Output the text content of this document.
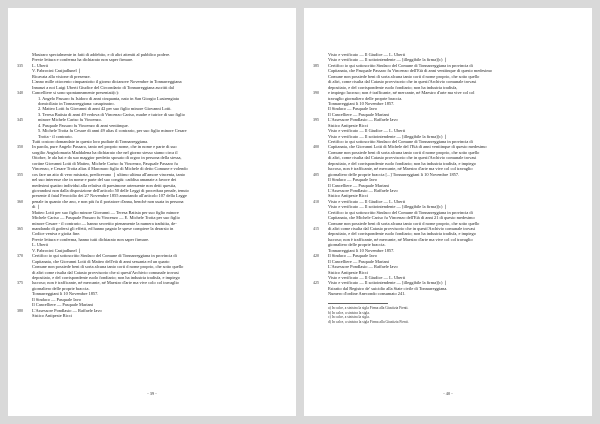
Mastraro specialmente in fatti di addebito, e di altri atteniti al pubblico podere.
Previe lettura e conferma ha dichiarato non saper firmare.
335	L. Uberti
V. Fabrocini Castjadlunel ❘
Ricavata alla visione di presenze.
L'anno mille ottocento cinquantotto il giorno dicianove Novembre in Tonnarreggiana
Innanzi a noi Luigi Uberti Giudice del Circondario di Tonnarreggiana ascritti dal
340	Cancelliere si sono spontaneamente presentati(c):
1. Angelo Passaro fu Isidoro di anni cinquanta, nato in San Giorgio Lustrengiata
domiciliato in Tonnarreggiana: casupinatro.
2. Matteo Lotti fu Giovanni di anni 42 per suo figlio minore Giovanni Lotti.
3. Teresa Batista di anni 49 vedova di Vincenzo Cariso, madre e tutrice di suo figlio
345	minore Michele Cariso fu Vincenzo.
4. Pasquale Passaro fu Vincenzo di anni ventiinque.
5. Michele Trotta fu Cesare di anni 49 alias il contrario, per suo figlio minore Cesare
Trotta - il contrario.
Tutti costoro domandate in questo loro pudiate di Tonnarreggiana.
350	In parola, pure Angelo Passaro, tanto nel proprio nome, che in nome e parte di suo
sorgilio Angiolomaria Maddalena ha dichiarato che nel giorno stesso siamo circa il
Ottobre, le ala hai e da suo maggior predetto sposato di orgoo in persona della stessa,
cortine Giovanni Lotti di Matteo, Michele Cariso fu Vincenzo, Pasquale Passaro fu
Vincenzo, e Cesare Trotta alias il Maronaro figlio di Michele di detto Comune e volendo
355	cos fare un atto di vero mistrata, predicevano ❘ ultimo ultima all'amore vincenta, tanto
nel suo interesse che in nome e parte del suo congiù: caddisa amanate a favore dei
medesimi quattro individui alla relativa di paesimone artenuente non detti questia,
giovandosi non dalla disposizione dell'articolo 50 delle Leggi di procedura penale, tenuto
presente il fatal Ferocidio dei 27 Novembre 1855 annotando all'articolo 107 della Legge
360	penale in quanto che ano, e non più fu il portatore d'anna, benchè non usata in persona
di ❘
Matteo Lotti per suo figlio minore Giovanni — Teresa Batista per suo figlio minore
Michele Cariso — Pasquale Passaro fu Vincenzo — E. Michele Trotta per suo figlio
minore Cesare - il contrario — hanno secretito pienamente la numera tradsitta, de-
365	mandando di godersi gli effetti, ed hanno pagato le spese compiere la derarsio in
Codice veniva e gioita fine.
Previe lettura e conferma, hanno tutti dichiarato non saper firmare.
L. Uberti
V. Fabrocini Castjadlunel ❘
370	Certifico io qui sottoscritto Sindaco del Comune di Tonnarreggiana in provincia di
Capitanata, che Giovanni Lotti di Matteo dell'età di anni sessanta ed un quarto
Comune non possiede beni di sorta alcuna tanto corti d nome proprio, che sotto quello
di altri come risulta dal Catasto provvisorio che si questi'Archivio comunale trovasi
depositato, e del corrispondente ruolo fondiario; non ha industria tradisfa, e impiego
375	lucroso; non è trafficante, né mercante, né Maestro d'arte ma vive colo col travaglio
giornaliero delle proprie braccia.
Tonnarreggiani li 10 Novembre 1857.
Il Sindaco — Pasquale Iavo
Il Cancelliere — Pasquale Mariani
380	L'Assessore Pondlasio — Raffaele Iavo
Sistico Antipeste Ricci
- 39 -
Visto e verificato — Il Giudice — L. Uberti
Visto e verificato — Il sottointendente — [illeggibile la firma](c) ❘
385	Certifico io qui sottoscritto Sindaco del Comune di Tonnarreggiana in provincia di
Capitanata, che Pasquale Passaro fu Vincenzo dell'Età di anni ventiinque di questo medesimo
Comune non possiede beni di sorta alcuna tanto corti d nome proprio, che sotto quello
di altri, come risulta dal Catasto provvisorio che in questi'Archivio comunale trovasi
depositato, e del corrispondente ruolo fondiario; non ha industria tradisfa,
390	e impiego lucroso; non è trafficante, né mercante, né Maestro d'arte ma vive col col
travaglio giornaliero delle proprie braccia.
Tonnarreggiani li 10 Novembre 1857.
Il Sindaco — Pasquale Iavo
Il Cancelliere — Pasquale Mariani
395	L'Assessore Pondlasio — Raffaele Iavo
Sistico Antipeste Ricci
Visto e verificato — Il Giudice — L. Uberti
Visto e verificato — Il sottointendente — [illeggibile la firma](c) ❘
Certifico io qui sottoscritto Sindaco del Comune di Tonnarreggiana in provincia di
400	Capitanata, che Giovanni Lotti di Michele del l'Età di anni ventiinque di questo medesimo
Comune non possiede beni di sorta alcuna tanto corti d nome proprio, che sotto quello
di altri, come risulta dal Catasto provvisorio che in questi'Archivio comunale trovasi
depositato, e del corrispondente ruolo fondiario; non ha industria tradisfa, e impiego
lucroso, non è trafficante, né mercante, né Maestro d'arte ma vive col col travaglio
405	giornaliero delle proprie braccia [...] Tonnarreggiani li 10 Novembre 1857.
Il Sindaco — Pasquale Iavo
Il Cancelliere — Pasquale Mariani
L'Assessore Pondlasio — Raffaele Iavo
Sistico Antipeste Ricci
410	Visto e verificato — Il Giudice — L. Uberti
Visto e verificato — Il sottointendente — [illeggibile la firma](c) ❘
Certifico io qui sottoscritto Sindaco del Comune di Tonnarreggiana in provincia di
Capitanata, che Michele Cariso fu Vincenzo dell'Età di anni 21 di questo medesimo
Comune non possiede beni di sorta alcuna tanto corti d nome proprio, che sotto quello
415	di altri come risulta dal Catasto provvisorio che in questi'Archivio comunale trovasi
depositato, e del corrispondente ruolo fondiario; non ha industria tradisfa, e impiego
lucroso; non è trafficante, né mercante, né Maestro d'arte ma vive col col travaglio
giornaliero delle proprie braccia.
Tonnarreggiani li 10 Novembre 1857.
420	Il Sindaco — Pasquale Iavo
Il Cancelliere — Pasquale Mariani
L'Assessore Pondlasio — Raffaele Iavo
Sistico Antipeste Ricci
Visto e verificato — Il Giudice — L. Uberti
425	Visto e verificato — Il sottointendente — [illeggibile la firma](c) ❘
Estratto dal Registro de' suicidio alla State civile di Tonnarreggiana.
Numero d'ordine Anecondo consumato 241.
a) In calce, a sinistra la sigla Firma alla Giustizia Fienti.
b) In calce, a sinistra la sigla.
c) In calce, a sinistra la sigla.
d) In calce, a sinistra la sigla Firma alla Giustizia Fienti.
- 40 -
